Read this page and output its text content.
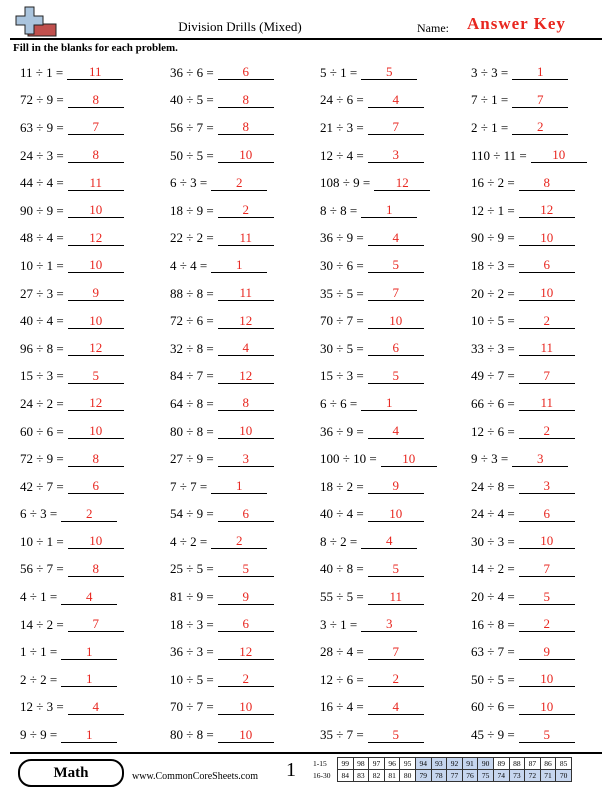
Division Drills (Mixed)	Name: Answer Key
Fill in the blanks for each problem.
11 ÷ 1 =	11
72 ÷ 9 =	8
63 ÷ 9 =	7
24 ÷ 3 =	8
44 ÷ 4 =	11
90 ÷ 9 =	10
48 ÷ 4 =	12
10 ÷ 1 =	10
27 ÷ 3 =	9
40 ÷ 4 =	10
96 ÷ 8 =	12
15 ÷ 3 =	5
24 ÷ 2 =	12
60 ÷ 6 =	10
72 ÷ 9 =	8
42 ÷ 7 =	6
6 ÷ 3 =	2
10 ÷ 1 =	10
56 ÷ 7 =	8
4 ÷ 1 =	4
14 ÷ 2 =	7
1 ÷ 1 =	1
2 ÷ 2 =	1
12 ÷ 3 =	4
9 ÷ 9 =	1
36 ÷ 6 =	6
40 ÷ 5 =	8
56 ÷ 7 =	8
50 ÷ 5 =	10
6 ÷ 3 =	2
18 ÷ 9 =	2
22 ÷ 2 =	11
4 ÷ 4 =	1
88 ÷ 8 =	11
72 ÷ 6 =	12
32 ÷ 8 =	4
84 ÷ 7 =	12
64 ÷ 8 =	8
80 ÷ 8 =	10
27 ÷ 9 =	3
7 ÷ 7 =	1
54 ÷ 9 =	6
4 ÷ 2 =	2
25 ÷ 5 =	5
81 ÷ 9 =	9
18 ÷ 3 =	6
36 ÷ 3 =	12
10 ÷ 5 =	2
70 ÷ 7 =	10
80 ÷ 8 =	10
5 ÷ 1 =	5
24 ÷ 6 =	4
21 ÷ 3 =	7
12 ÷ 4 =	3
108 ÷ 9 =	12
8 ÷ 8 =	1
36 ÷ 9 =	4
30 ÷ 6 =	5
35 ÷ 5 =	7
70 ÷ 7 =	10
30 ÷ 5 =	6
15 ÷ 3 =	5
6 ÷ 6 =	1
36 ÷ 9 =	4
100 ÷ 10 =	10
18 ÷ 2 =	9
40 ÷ 4 =	10
8 ÷ 2 =	4
40 ÷ 8 =	5
55 ÷ 5 =	11
3 ÷ 1 =	3
28 ÷ 4 =	7
12 ÷ 6 =	2
16 ÷ 4 =	4
35 ÷ 7 =	5
3 ÷ 3 =	1
7 ÷ 1 =	7
2 ÷ 1 =	2
110 ÷ 11 =	10
16 ÷ 2 =	8
12 ÷ 1 =	12
90 ÷ 9 =	10
18 ÷ 3 =	6
20 ÷ 2 =	10
10 ÷ 5 =	2
33 ÷ 3 =	11
49 ÷ 7 =	7
66 ÷ 6 =	11
12 ÷ 6 =	2
9 ÷ 3 =	3
24 ÷ 8 =	3
24 ÷ 4 =	6
30 ÷ 3 =	10
14 ÷ 2 =	7
20 ÷ 4 =	5
16 ÷ 8 =	2
63 ÷ 7 =	9
50 ÷ 5 =	10
60 ÷ 6 =	10
45 ÷ 9 =	5
Math	www.CommonCoreSheets.com 1 1-15	99	98	97	96	95	94	93	92	91	90	89	88	87	86	85
16-30	84	83	82	81	80	79	78	77	76	75	74	73	72	71	70
